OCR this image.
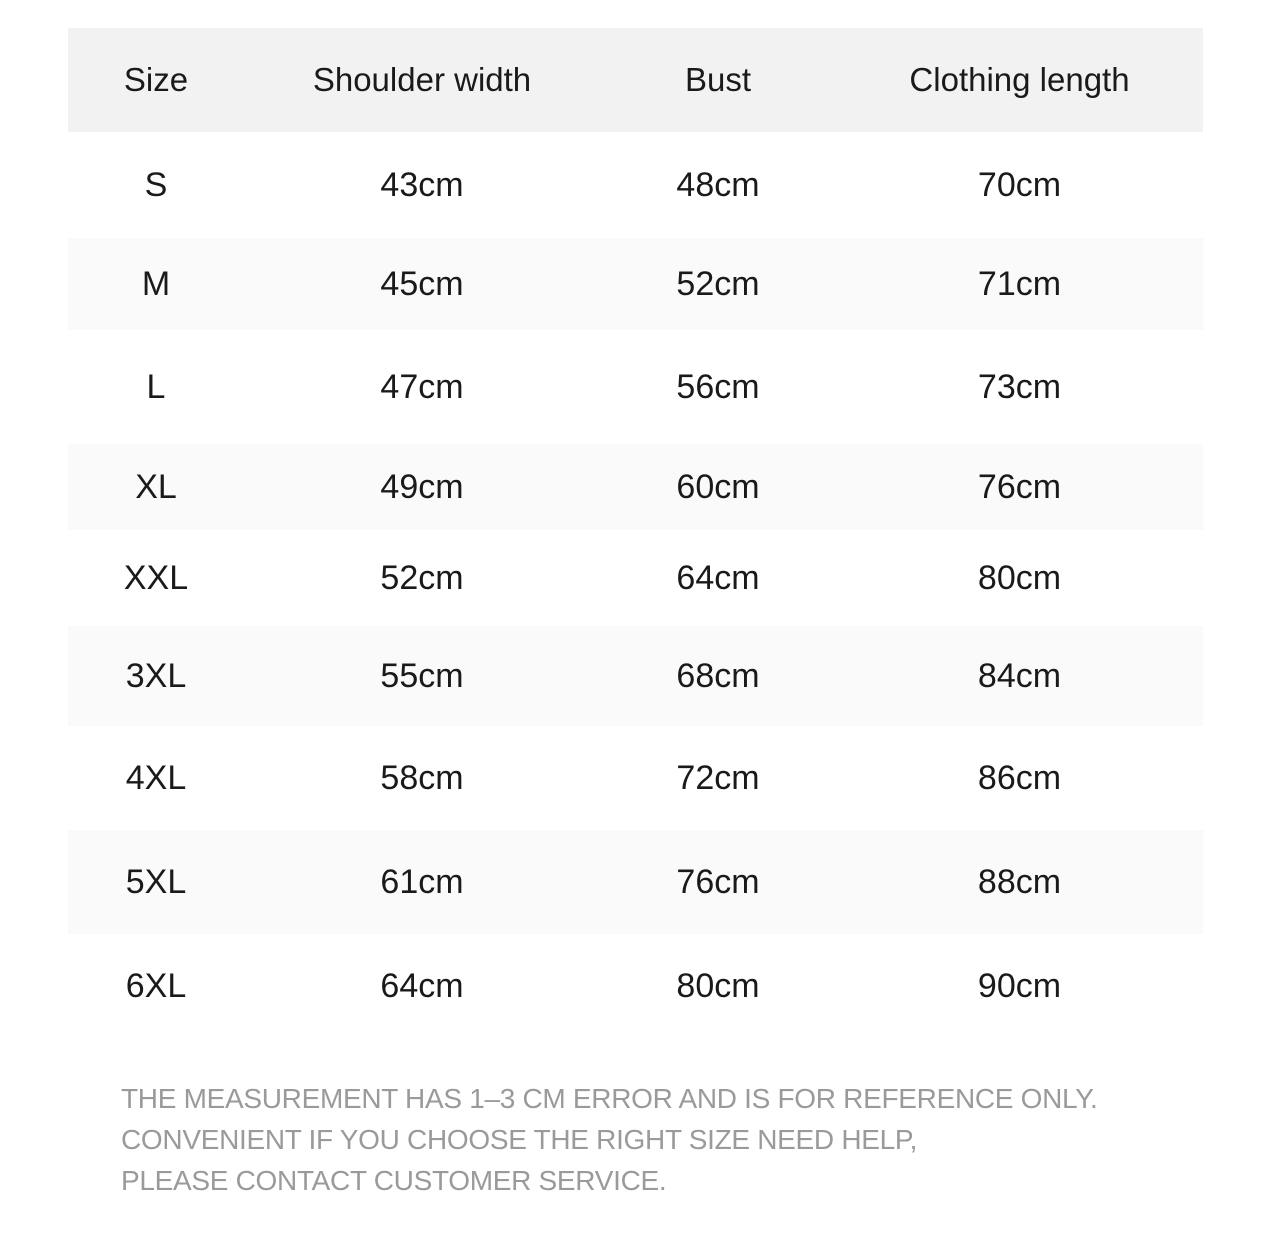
Size	Shoulder width	Bust	Clothing length
S	43cm	48cm	70cm
M	45cm	52cm	71cm
L	47cm	56cm	73cm
XL	49cm	60cm	76cm
XXL	52cm	64cm	80cm
3XL	55cm	68cm	84cm
4XL	58cm	72cm	86cm
5XL	61cm	76cm	88cm
6XL	64cm	80cm	90cm
THE MEASUREMENT HAS 1–3 CM ERROR AND IS FOR REFERENCE ONLY.
CONVENIENT IF YOU CHOOSE THE RIGHT SIZE NEED HELP,
PLEASE CONTACT CUSTOMER SERVICE.
